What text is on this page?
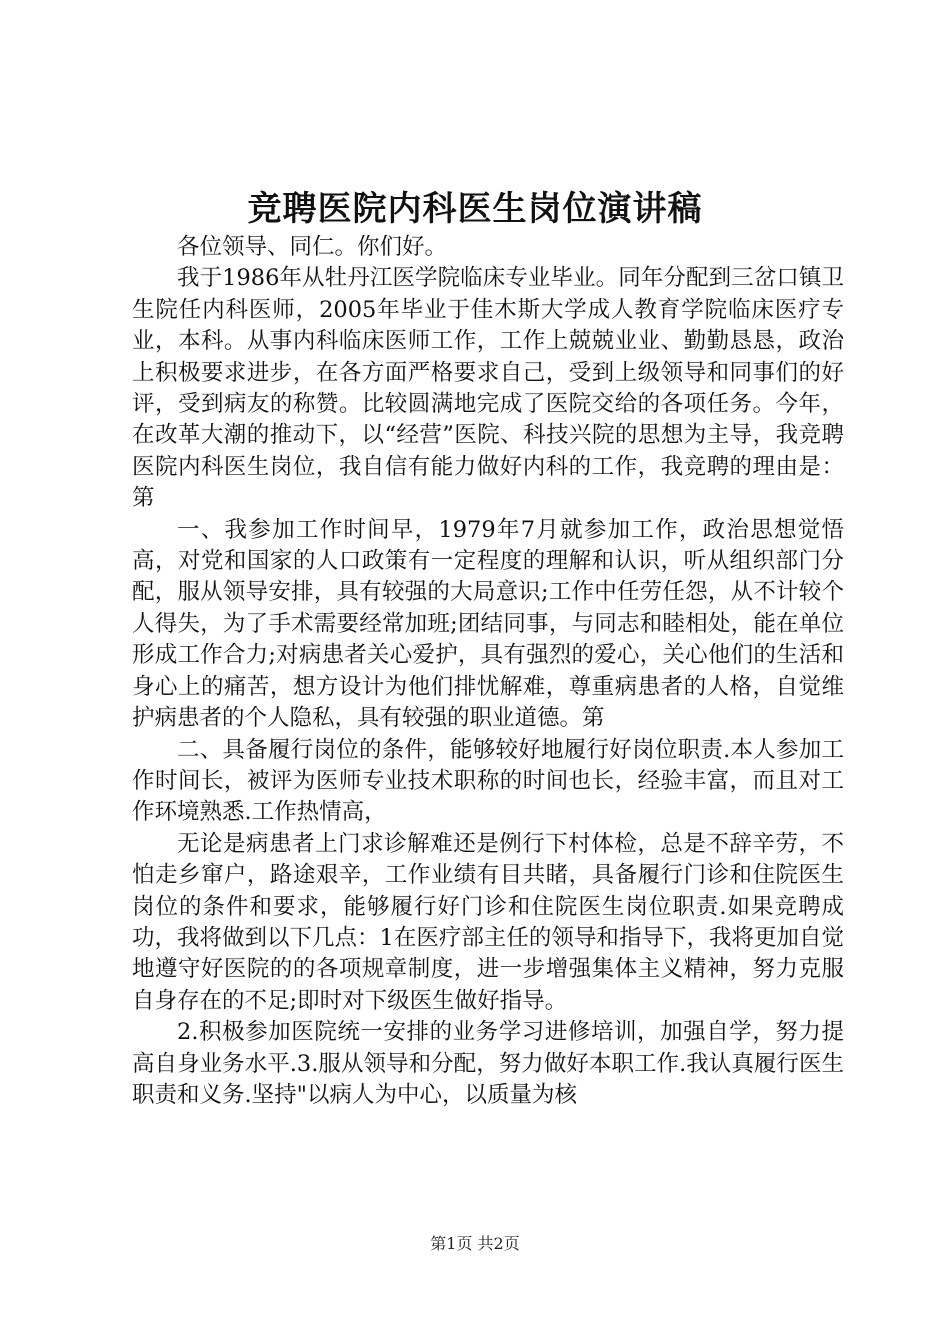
竞聘医院内科医生岗位演讲稿

各位领导、同仁。你们好。

我于1986年从牡丹江医学院临床专业毕业。同年分配到三岔口镇卫生院任内科医师，2005年毕业于佳木斯大学成人教育学院临床医疗专业，本科。从事内科临床医师工作，工作上兢兢业业、勤勤恳恳，政治上积极要求进步，在各方面严格要求自己，受到上级领导和同事们的好评，受到病友的称赞。比较圆满地完成了医院交给的各项任务。今年，在改革大潮的推动下，以“经营”医院、科技兴院的思想为主导，我竞聘医院内科医生岗位，我自信有能力做好内科的工作，我竞聘的理由是：第

一、我参加工作时间早，1979年7月就参加工作，政治思想觉悟高，对党和国家的人口政策有一定程度的理解和认识，听从组织部门分配，服从领导安排，具有较强的大局意识;工作中任劳任怨，从不计较个人得失，为了手术需要经常加班;团结同事，与同志和睦相处，能在单位形成工作合力;对病患者关心爱护，具有强烈的爱心，关心他们的生活和身心上的痛苦，想方设计为他们排忧解难，尊重病患者的人格，自觉维护病患者的个人隐私，具有较强的职业道德。第

二、具备履行岗位的条件，能够较好地履行好岗位职责.本人参加工作时间长，被评为医师专业技术职称的时间也长，经验丰富，而且对工作环境熟悉.工作热情高，

无论是病患者上门求诊解难还是例行下村体检，总是不辞辛劳，不怕走乡窜户，路途艰辛，工作业绩有目共睹，具备履行门诊和住院医生岗位的条件和要求，能够履行好门诊和住院医生岗位职责.如果竞聘成功，我将做到以下几点：1在医疗部主任的领导和指导下，我将更加自觉地遵守好医院的的各项规章制度，进一步增强集体主义精神，努力克服自身存在的不足;即时对下级医生做好指导。

2.积极参加医院统一安排的业务学习进修培训，加强自学，努力提高自身业务水平.3.服从领导和分配，努力做好本职工作.我认真履行医生职责和义务.坚持"以病人为中心，以质量为核

第1页 共2页
